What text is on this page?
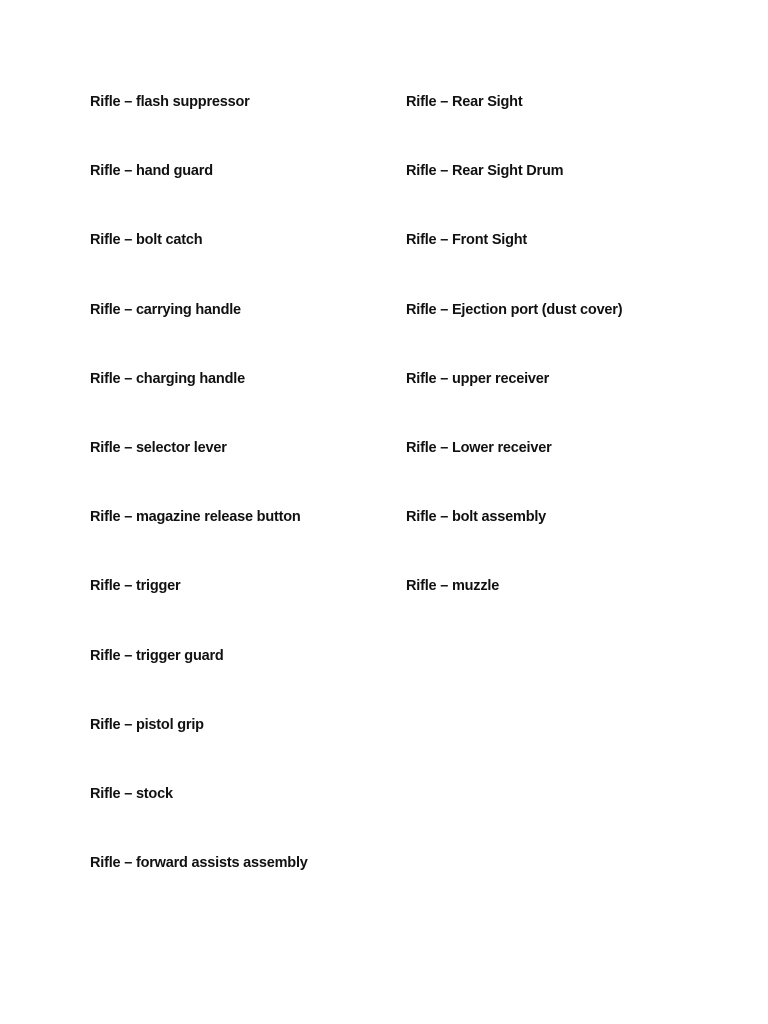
Rifle – flash suppressor
Rifle – hand guard
Rifle – bolt catch
Rifle – carrying handle
Rifle – charging handle
Rifle – selector lever
Rifle – magazine release button
Rifle – trigger
Rifle – trigger guard
Rifle – pistol grip
Rifle – stock
Rifle – forward assists assembly
Rifle – Rear Sight
Rifle – Rear Sight Drum
Rifle – Front Sight
Rifle – Ejection port (dust cover)
Rifle – upper receiver
Rifle – Lower receiver
Rifle – bolt assembly
Rifle – muzzle
